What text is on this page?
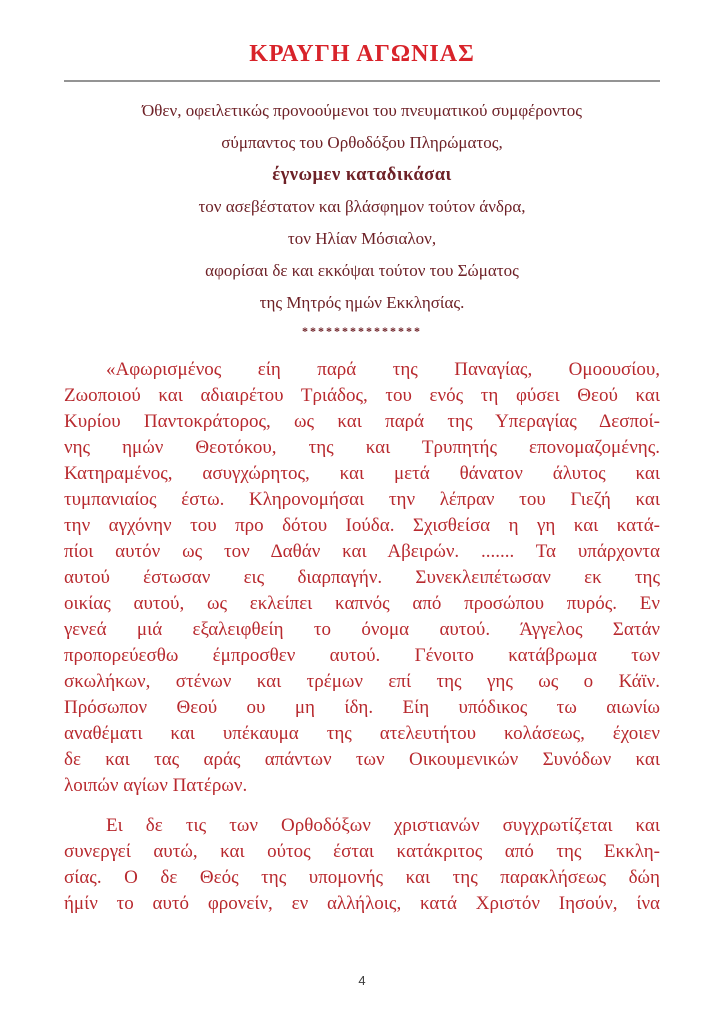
ΚΡΑΥΓΗ ΑΓΩΝΙΑΣ
Όθεν, οφειλετικώς προνοούμενοι του πνευματικού συμφέροντος
σύμπαντος του Ορθοδόξου Πληρώματος,
έγνωμεν καταδικάσαι
τον ασεβέστατον και βλάσφημον τούτον άνδρα,
τον Ηλίαν Μόσιαλον,
αφορίσαι δε και εκκόψαι τούτον του Σώματος
της Μητρός ημών Εκκλησίας.
***************
«Αφωρισμένος είη παρά της Παναγίας, Ομοουσίου,
Ζωοποιού και αδιαιρέτου Τριάδος, του ενός τη φύσει Θεού και
Κυρίου Παντοκράτορος, ως και παρά της Υπεραγίας Δεσποί-
νης ημών Θεοτόκου, της και Τρυπητής επονομαζομένης.
Κατηραμένος, ασυγχώρητος, και μετά θάνατον άλυτος και
τυμπανιαίος έστω. Κληρονομήσαι την λέπραν του Γιεζή και
την αγχόνην του προ δότου Ιούδα. Σχισθείσα η γη και κατά-
πίοι αυτόν ως τον Δαθάν και Αβειρών. ....... Τα υπάρχοντα
αυτού έστωσαν εις διαρπαγήν. Συνεκλειπέτωσαν εκ της
οικίας αυτού, ως εκλείπει καπνός από προσώπου πυρός. Εν
γενεά μιά εξαλειφθείη το όνομα αυτού. Άγγελος Σατάν
προπορεύεσθω έμπροσθεν αυτού. Γένοιτο κατάβρωμα των
σκωλήκων, στένων και τρέμων επί της γης ως ο Κάϊν.
Πρόσωπον Θεού ου μη ίδη. Είη υπόδικος τω αιωνίω
αναθέματι και υπέκαυμα της ατελευτήτου κολάσεως, έχοιεν
δε και τας αράς απάντων των Οικουμενικών Συνόδων και
λοιπών αγίων Πατέρων.
Ει δε τις των Ορθοδόξων χριστιανών συγχρωτίζεται και
συνεργεί αυτώ, και ούτος έσται κατάκριτος από της Εκκλη-
σίας. Ο δε Θεός της υπομονής και της παρακλήσεως δώη
ήμίν το αυτό φρονείν, εν αλλήλοις, κατά Χριστόν Ιησούν, ίνα
4
